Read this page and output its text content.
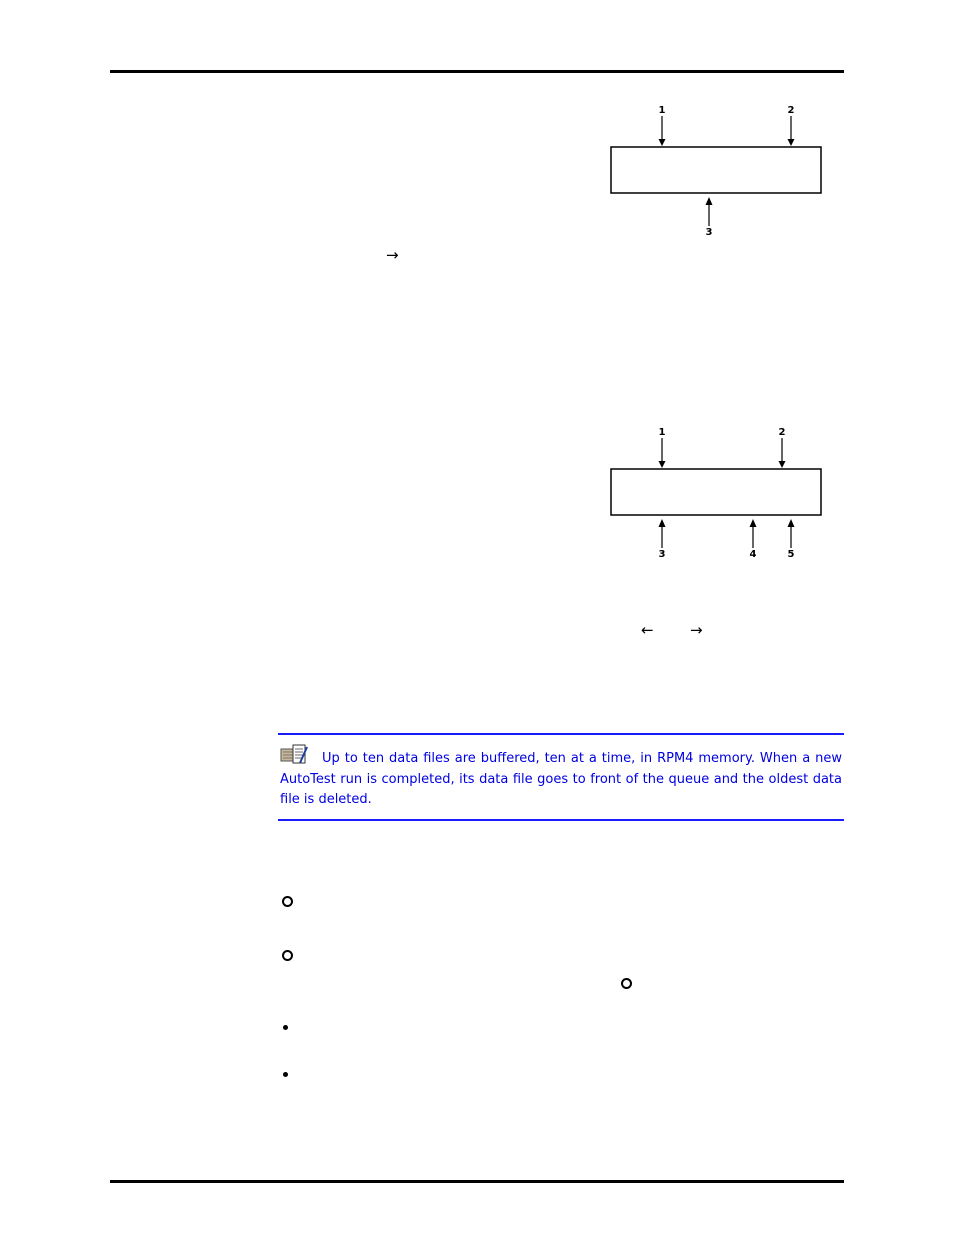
1	2
3
→
1	2
3	4	5
← →

Up to ten data files are buffered, ten at a time, in RPM4 memory. When a new AutoTest run is completed, its data file goes to front of the queue and the oldest data file is deleted.
